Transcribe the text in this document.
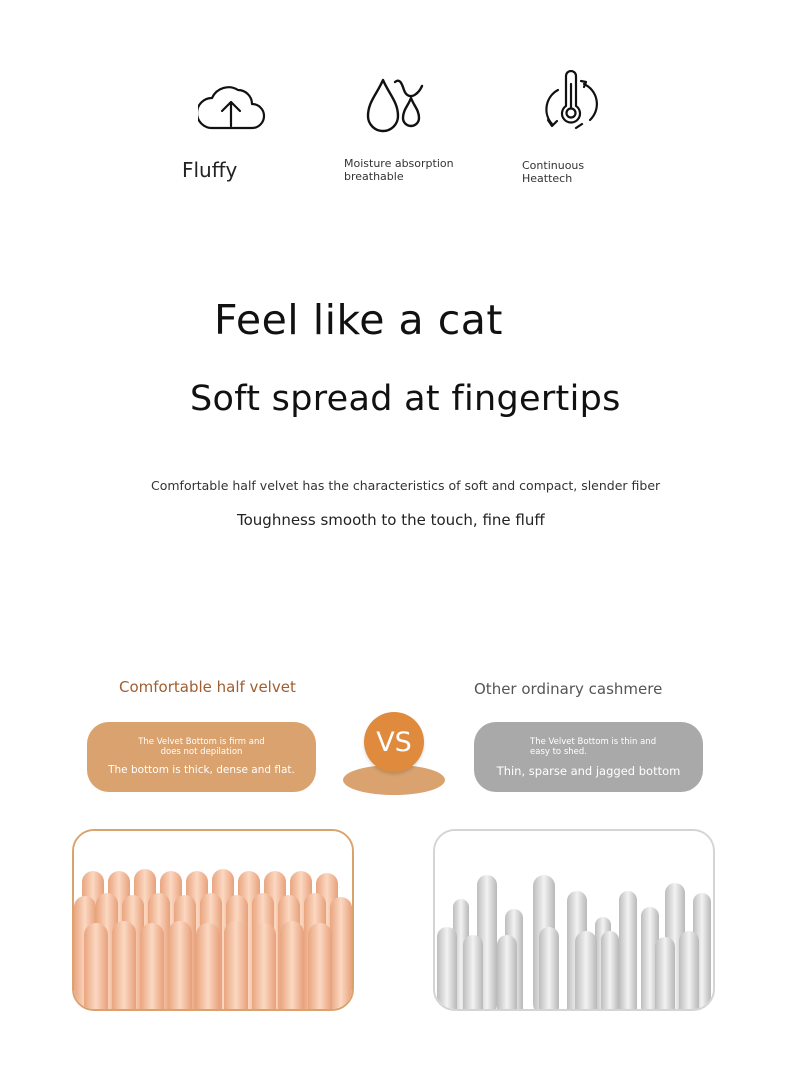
Fluffy	Moisture absorption
breathable
Continuous
Heattech
Feel like a cat
Soft spread at fingertips
Comfortable half velvet has the characteristics of soft and compact, slender fiber
Toughness smooth to the touch, fine fluff
Comfortable half velvet	Other ordinary cashmere
The Velvet Bottom is firm and
does not depilation
The bottom is thick, dense and flat.
VS	The Velvet Bottom is thin and
easy to shed.
Thin, sparse and jagged bottom
